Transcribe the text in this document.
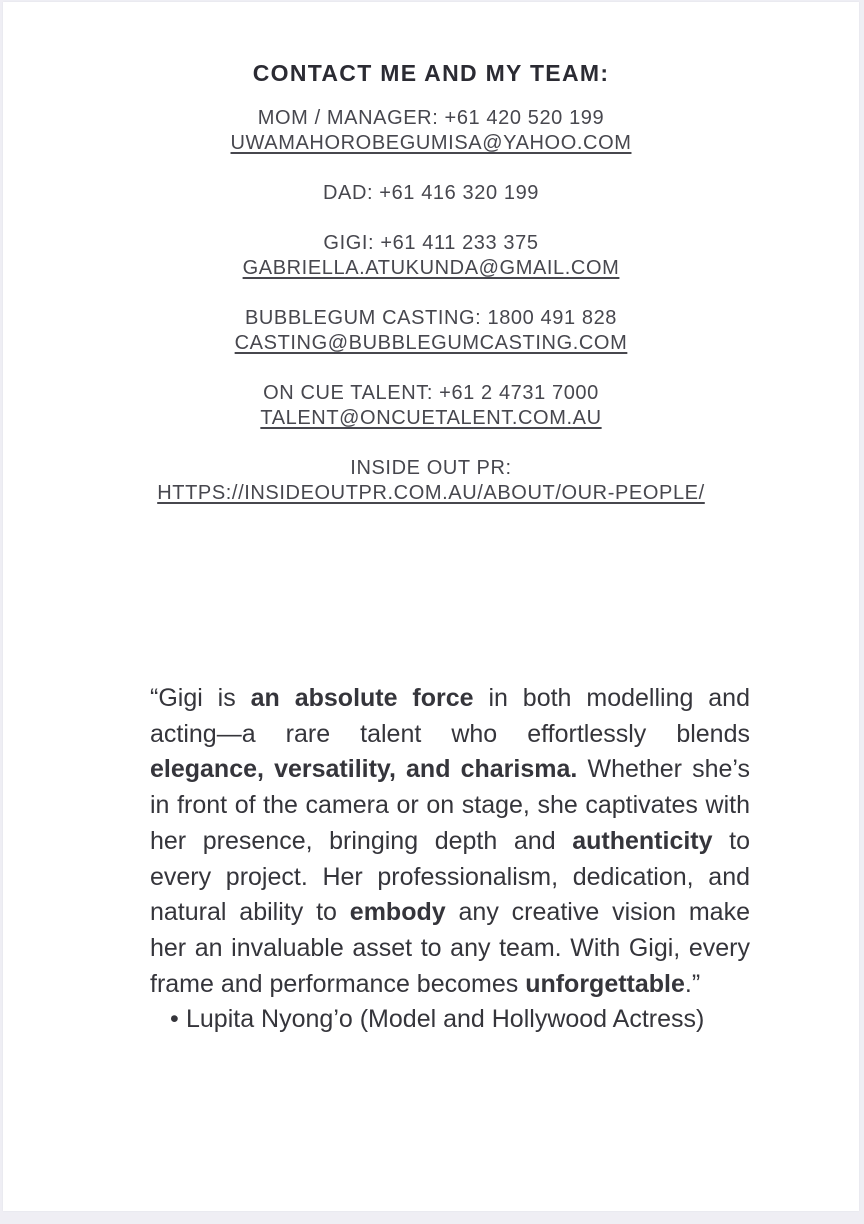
CONTACT ME AND MY TEAM:
MOM / MANAGER: +61 420 520 199
UWAMAHOROBEGUMISA@YAHOO.COM
DAD: +61 416 320 199
GIGI: +61 411 233 375
GABRIELLA.ATUKUNDA@GMAIL.COM
BUBBLEGUM CASTING: 1800 491 828
CASTING@BUBBLEGUMCASTING.COM
ON CUE TALENT: +61 2 4731 7000
TALENT@ONCUETALENT.COM.AU
INSIDE OUT PR:
HTTPS://INSIDEOUTPR.COM.AU/ABOUT/OUR-PEOPLE/
“Gigi is an absolute force in both modelling and acting—a rare talent who effortlessly blends elegance, versatility, and charisma. Whether she’s in front of the camera or on stage, she captivates with her presence, bringing depth and authenticity to every project. Her professionalism, dedication, and natural ability to embody any creative vision make her an invaluable asset to any team. With Gigi, every frame and performance becomes unforgettable.”
• Lupita Nyong’o (Model and Hollywood Actress)
